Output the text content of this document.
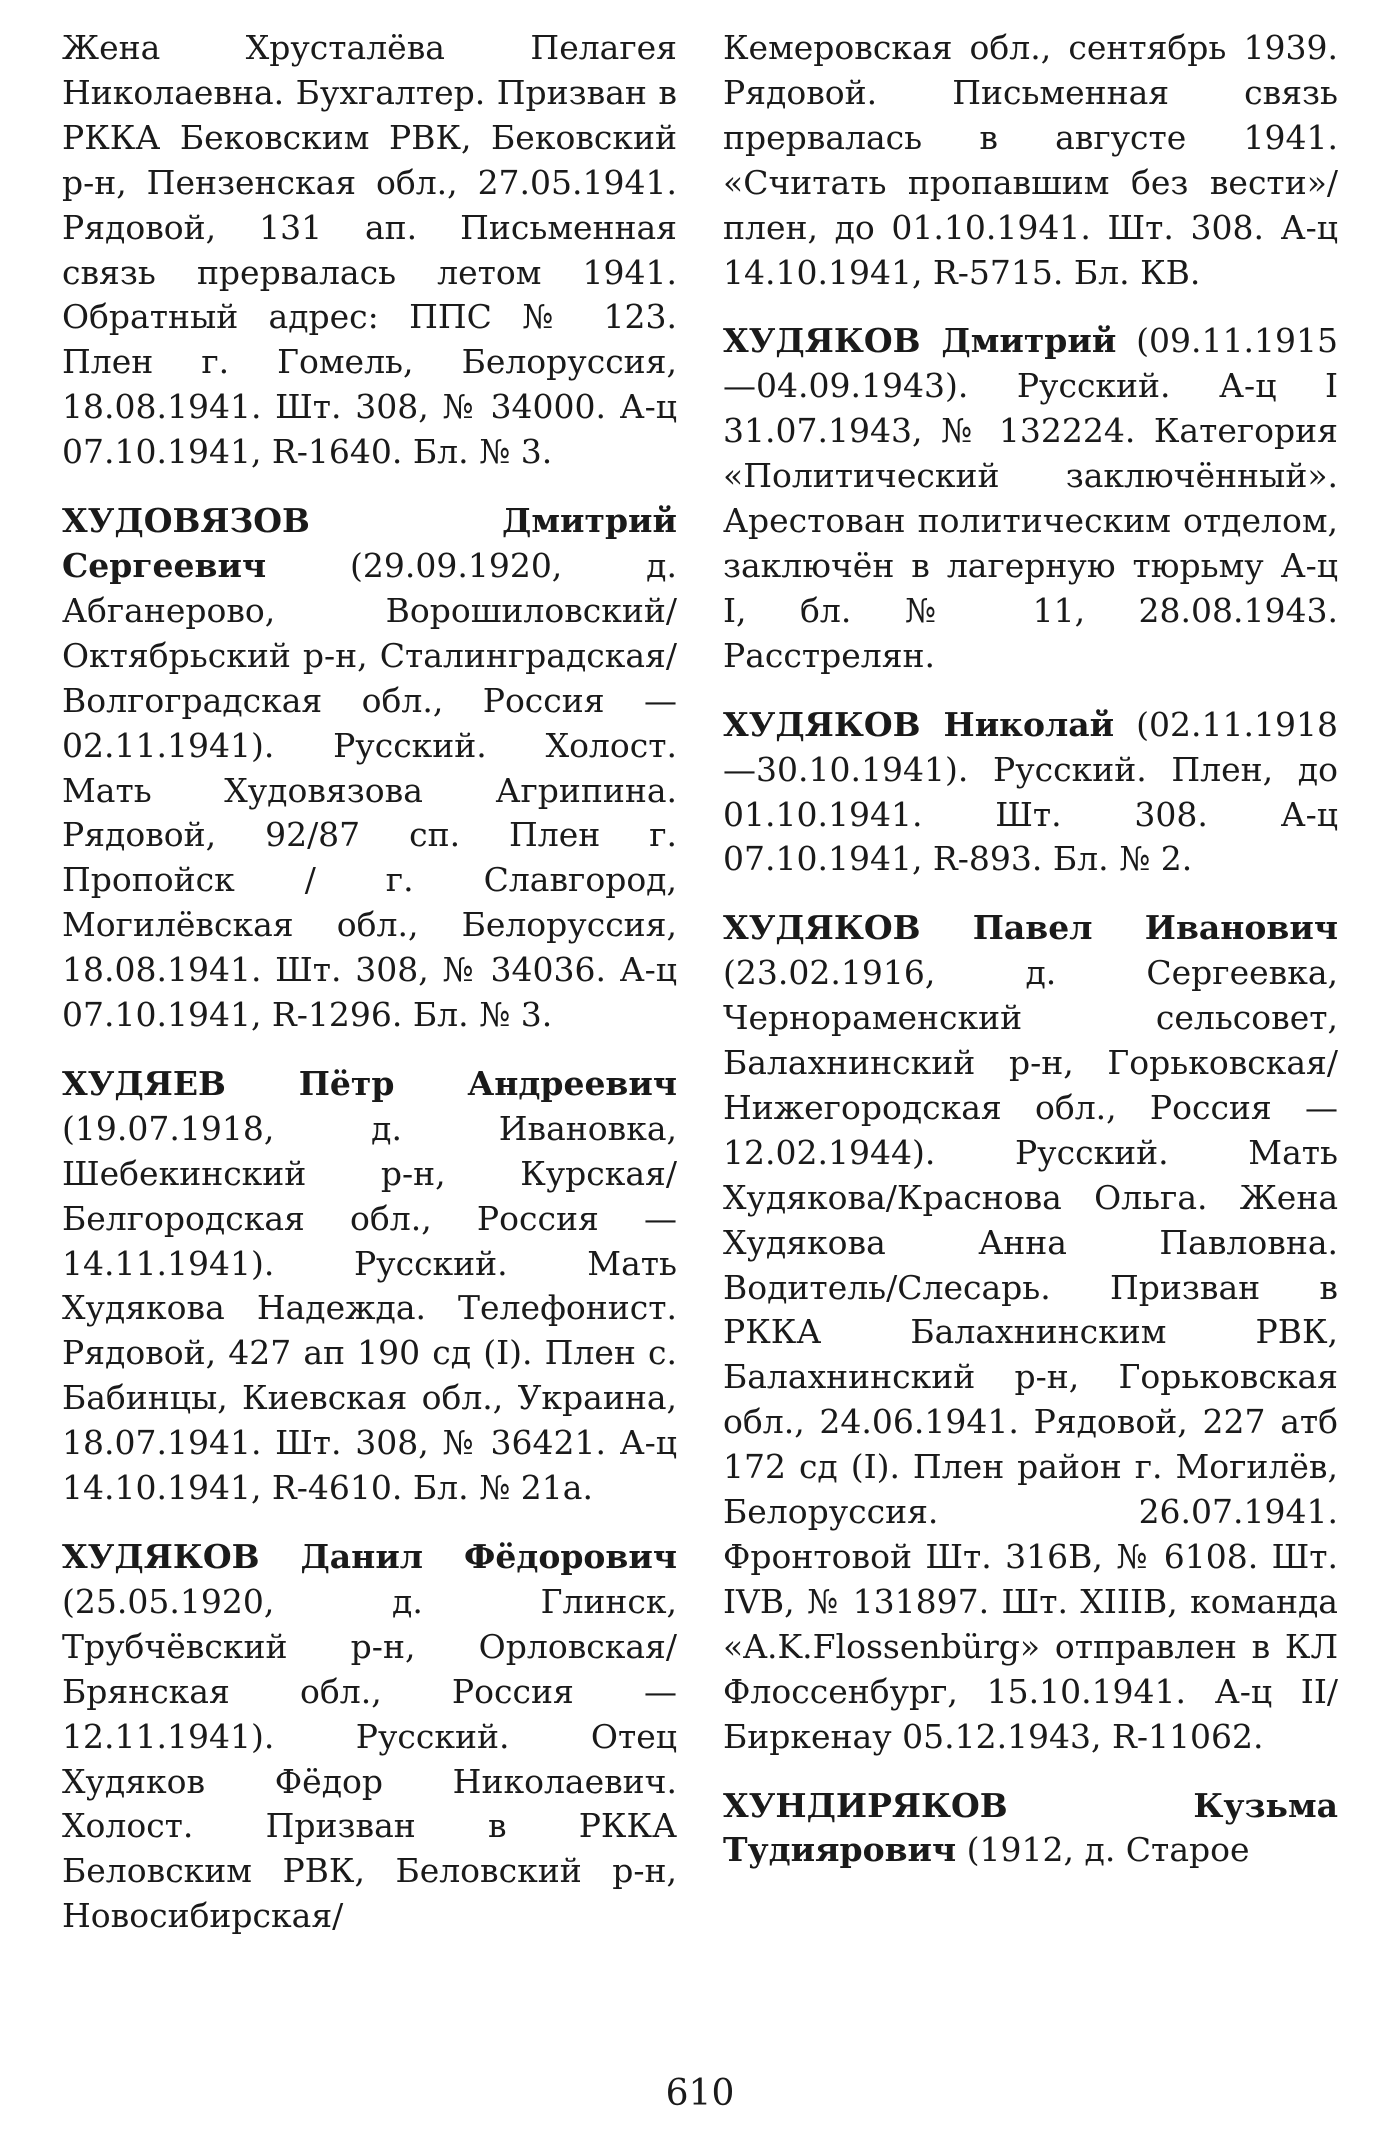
Жена Хрусталёва Пелагея Николаевна. Бухгалтер. Призван в РККА Бековским РВК, Бековский р-н, Пензенская обл., 27.05.1941. Рядовой, 131 ап. Письменная связь прервалась летом 1941. Обратный адрес: ППС № 123. Плен г. Гомель, Белоруссия, 18.08.1941. Шт. 308, № 34000. А-ц 07.10.1941, R-1640. Бл. № 3.

ХУДОВЯЗОВ Дмитрий Сергеевич (29.09.1920, д. Абганерово, Ворошиловский/Октябрьский р-н, Сталинградская/Волгоградская обл., Россия — 02.11.1941). Русский. Холост. Мать Худовязова Агрипина. Рядовой, 92/87 сп. Плен г. Пропойск / г. Славгород, Могилёвская обл., Белоруссия, 18.08.1941. Шт. 308, № 34036. А-ц 07.10.1941, R-1296. Бл. № 3.

ХУДЯЕВ Пётр Андреевич (19.07.1918, д. Ивановка, Шебекинский р-н, Курская/Белгородская обл., Россия — 14.11.1941). Русский. Мать Худякова Надежда. Телефонист. Рядовой, 427 ап 190 сд (I). Плен с. Бабинцы, Киевская обл., Украина, 18.07.1941. Шт. 308, № 36421. А-ц 14.10.1941, R-4610. Бл. № 21а.

ХУДЯКОВ Данил Фёдорович (25.05.1920, д. Глинск, Трубчёвский р-н, Орловская/Брянская обл., Россия — 12.11.1941). Русский. Отец Худяков Фёдор Николаевич. Холост. Призван в РККА Беловским РВК, Беловский р-н, Новосибирская/

Кемеровская обл., сентябрь 1939. Рядовой. Письменная связь прервалась в августе 1941. «Считать пропавшим без вести»/плен, до 01.10.1941. Шт. 308. А-ц 14.10.1941, R-5715. Бл. КВ.

ХУДЯКОВ Дмитрий (09.11.1915—04.09.1943). Русский. А-ц I 31.07.1943, № 132224. Категория «Политический заключённый». Арестован политическим отделом, заключён в лагерную тюрьму А-ц I, бл. № 11, 28.08.1943. Расстрелян.

ХУДЯКОВ Николай (02.11.1918—30.10.1941). Русский. Плен, до 01.10.1941. Шт. 308. А-ц 07.10.1941, R-893. Бл. № 2.

ХУДЯКОВ Павел Иванович (23.02.1916, д. Сергеевка, Чернораменский сельсовет, Балахнинский р-н, Горьковская/Нижегородская обл., Россия — 12.02.1944). Русский. Мать Худякова/Краснова Ольга. Жена Худякова Анна Павловна. Водитель/Слесарь. Призван в РККА Балахнинским РВК, Балахнинский р-н, Горьковская обл., 24.06.1941. Рядовой, 227 атб 172 сд (I). Плен район г. Могилёв, Белоруссия. 26.07.1941. Фронтовой Шт. 316B, № 6108. Шт. IVB, № 131897. Шт. XIIIB, команда «A.K.Flossenbürg» отправлен в КЛ Флоссенбург, 15.10.1941. А-ц II/Биркенау 05.12.1943, R-11062.

ХУНДИРЯКОВ Кузьма Тудиярович (1912, д. Старое

610
